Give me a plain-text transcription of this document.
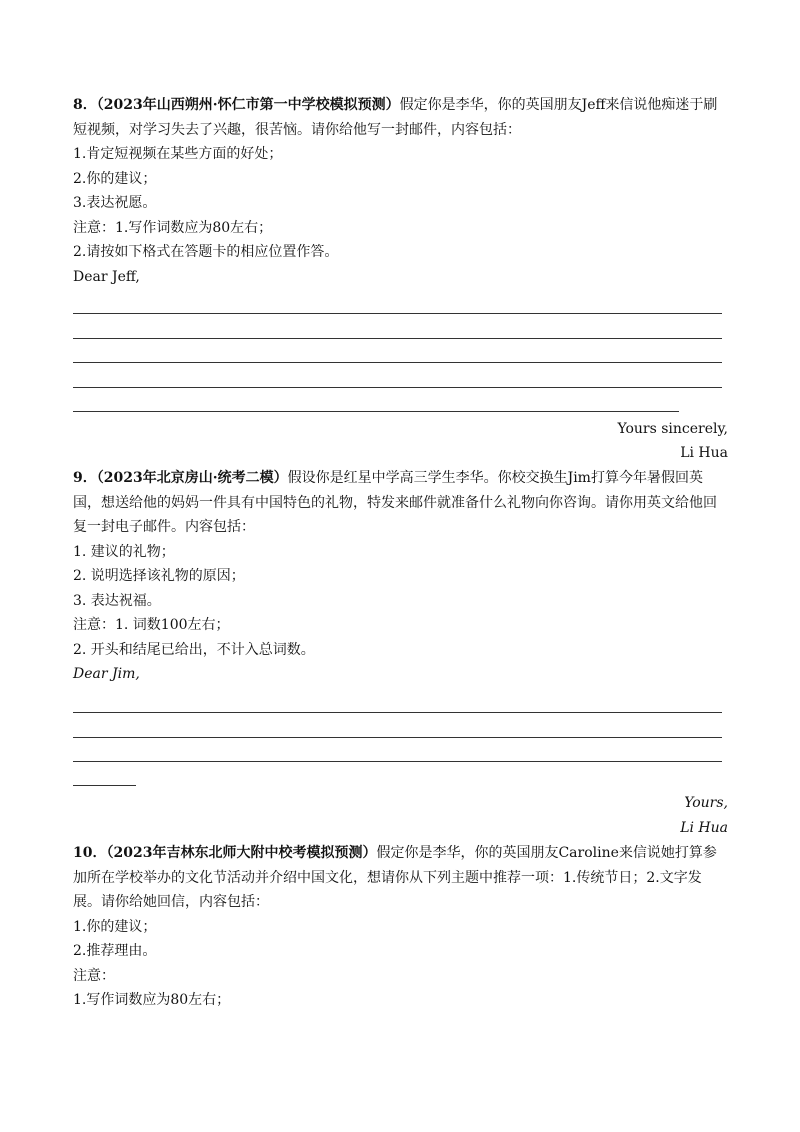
8．（2023年山西朔州·怀仁市第一中学校模拟预测）假定你是李华，你的英国朋友Jeff来信说他痴迷于刷短视频，对学习失去了兴趣，很苦恼。请你给他写一封邮件，内容包括：

1.肯定短视频在某些方面的好处；

2.你的建议；

3.表达祝愿。

注意：1.写作词数应为80左右；

2.请按如下格式在答题卡的相应位置作答。

Dear Jeff,

Yours sincerely,
Li Hua

9．（2023年北京房山·统考二模）假设你是红星中学高三学生李华。你校交换生Jim打算今年暑假回英国，想送给他的妈妈一件具有中国特色的礼物，特发来邮件就准备什么礼物向你咨询。请你用英文给他回复一封电子邮件。内容包括：

1. 建议的礼物；

2. 说明选择该礼物的原因；

3. 表达祝福。

注意：1. 词数100左右；

2. 开头和结尾已给出，不计入总词数。

Dear Jim,

Yours,
Li Hua

10．（2023年吉林东北师大附中校考模拟预测）假定你是李华，你的英国朋友Caroline来信说她打算参加所在学校举办的文化节活动并介绍中国文化，想请你从下列主题中推荐一项：1.传统节日；2.文字发展。请你给她回信，内容包括：

1.你的建议；

2.推荐理由。

注意：

1.写作词数应为80左右；
